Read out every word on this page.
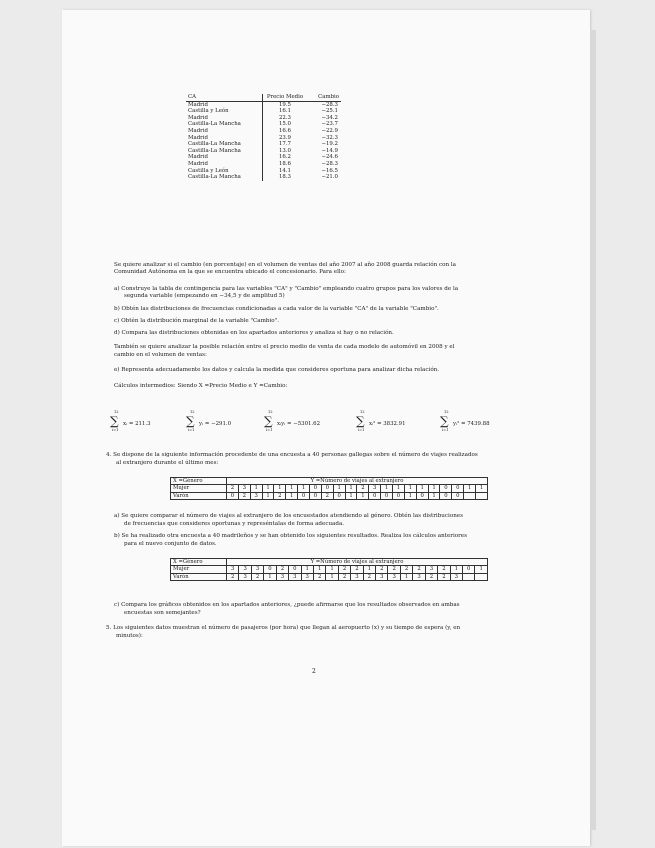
CA	Precio Medio	Cambio
Madrid	19.5	−28.3
Castilla y León	16.1	−25.1
Madrid	22.3	−34.2
Castilla-La Mancha	15.0	−23.7
Madrid	16.6	−22.9
Madrid	23.9	−32.3
Castilla-La Mancha	17.7	−19.2
Castilla-La Mancha	13.0	−14.9
Madrid	16.2	−24.6
Madrid	18.6	−28.3
Castilla y León	14.1	−16.5
Castilla-La Mancha	18.3	−21.0
Se quiere analizar si el cambio (en porcentaje) en el volumen de ventas del año 2007 al año 2008 guarda relación con la
Comunidad Autónoma en la que se encuentra ubicado el concesionario. Para ello:
a) Construye la tabla de contingencia para las variables "CA" y "Cambio" empleando cuatro grupos para los valores de la
segunda variable (empezando en −34,5 y de amplitud 5)
b) Obtén las distribuciones de frecuencias condicionadas a cada valor de la variable "CA" de la variable "Cambio".
c) Obtén la distribución marginal de la variable "Cambio".
d) Compara las distribuciones obtenidas en los apartados anteriores y analiza si hay o no relación.
También se quiere analizar la posible relación entre el precio medio de venta de cada modelo de automóvil en 2008 y el
cambio en el volumen de ventas:
e) Representa adecuadamente los datos y calcula la medida que consideres oportuna para analizar dicha relación.
Cálculos intermedios: Siendo X =Precio Medio e Y =Cambio:
12
∑
i=1
xᵢ = 211.3
12
∑
i=1
yᵢ = −291.0
12
∑
i=1
xᵢyᵢ = −5301.62
12
∑
i=1
xᵢ² = 3832.91
12
∑
i=1
yᵢ² = 7439.88
4. Se dispone de la siguiente información procedente de una encuesta a 40 personas gallegas sobre el número de viajes realizados
al extranjero durante el último mes:
X =Género	Y =Número de viajes al extranjero																					
Mujer	2	3	1	1	1	1	1	0	0	1	1	2	3	1	1	1	1	1	0	0	1	1
Varón	0	2	3	1	2	1	0	0	2	0	1	1	0	0	0	1	0	1	0	0		
a) Se quiere comparar el número de viajes al extranjero de los encuestados atendiendo al género. Obtén las distribuciones
de frecuencias que consideres oportunas y represéntalas de forma adecuada.
b) Se ha realizado otra encuesta a 40 madrileños y se han obtenido los siguientes resultados. Realiza los cálculos anteriores
para el nuevo conjunto de datos.
X =Género	Y =Número de viajes al extranjero																				
Mujer	3	3	3	0	2	0	1	1	1	2	2	1	2	2	2	2	3	2	1	0	1
Varón	2	3	2	1	3	3	3	2	1	2	3	2	3	3	1	3	2	2	3		
c) Compara los gráficos obtenidos en los apartados anteriores, ¿puede afirmarse que los resultados observados en ambas
encuestas son semejantes?
5. Los siguientes datos muestran el número de pasajeros (por hora) que llegan al aeropuerto (x) y su tiempo de espera (y, en
minutos):
2
